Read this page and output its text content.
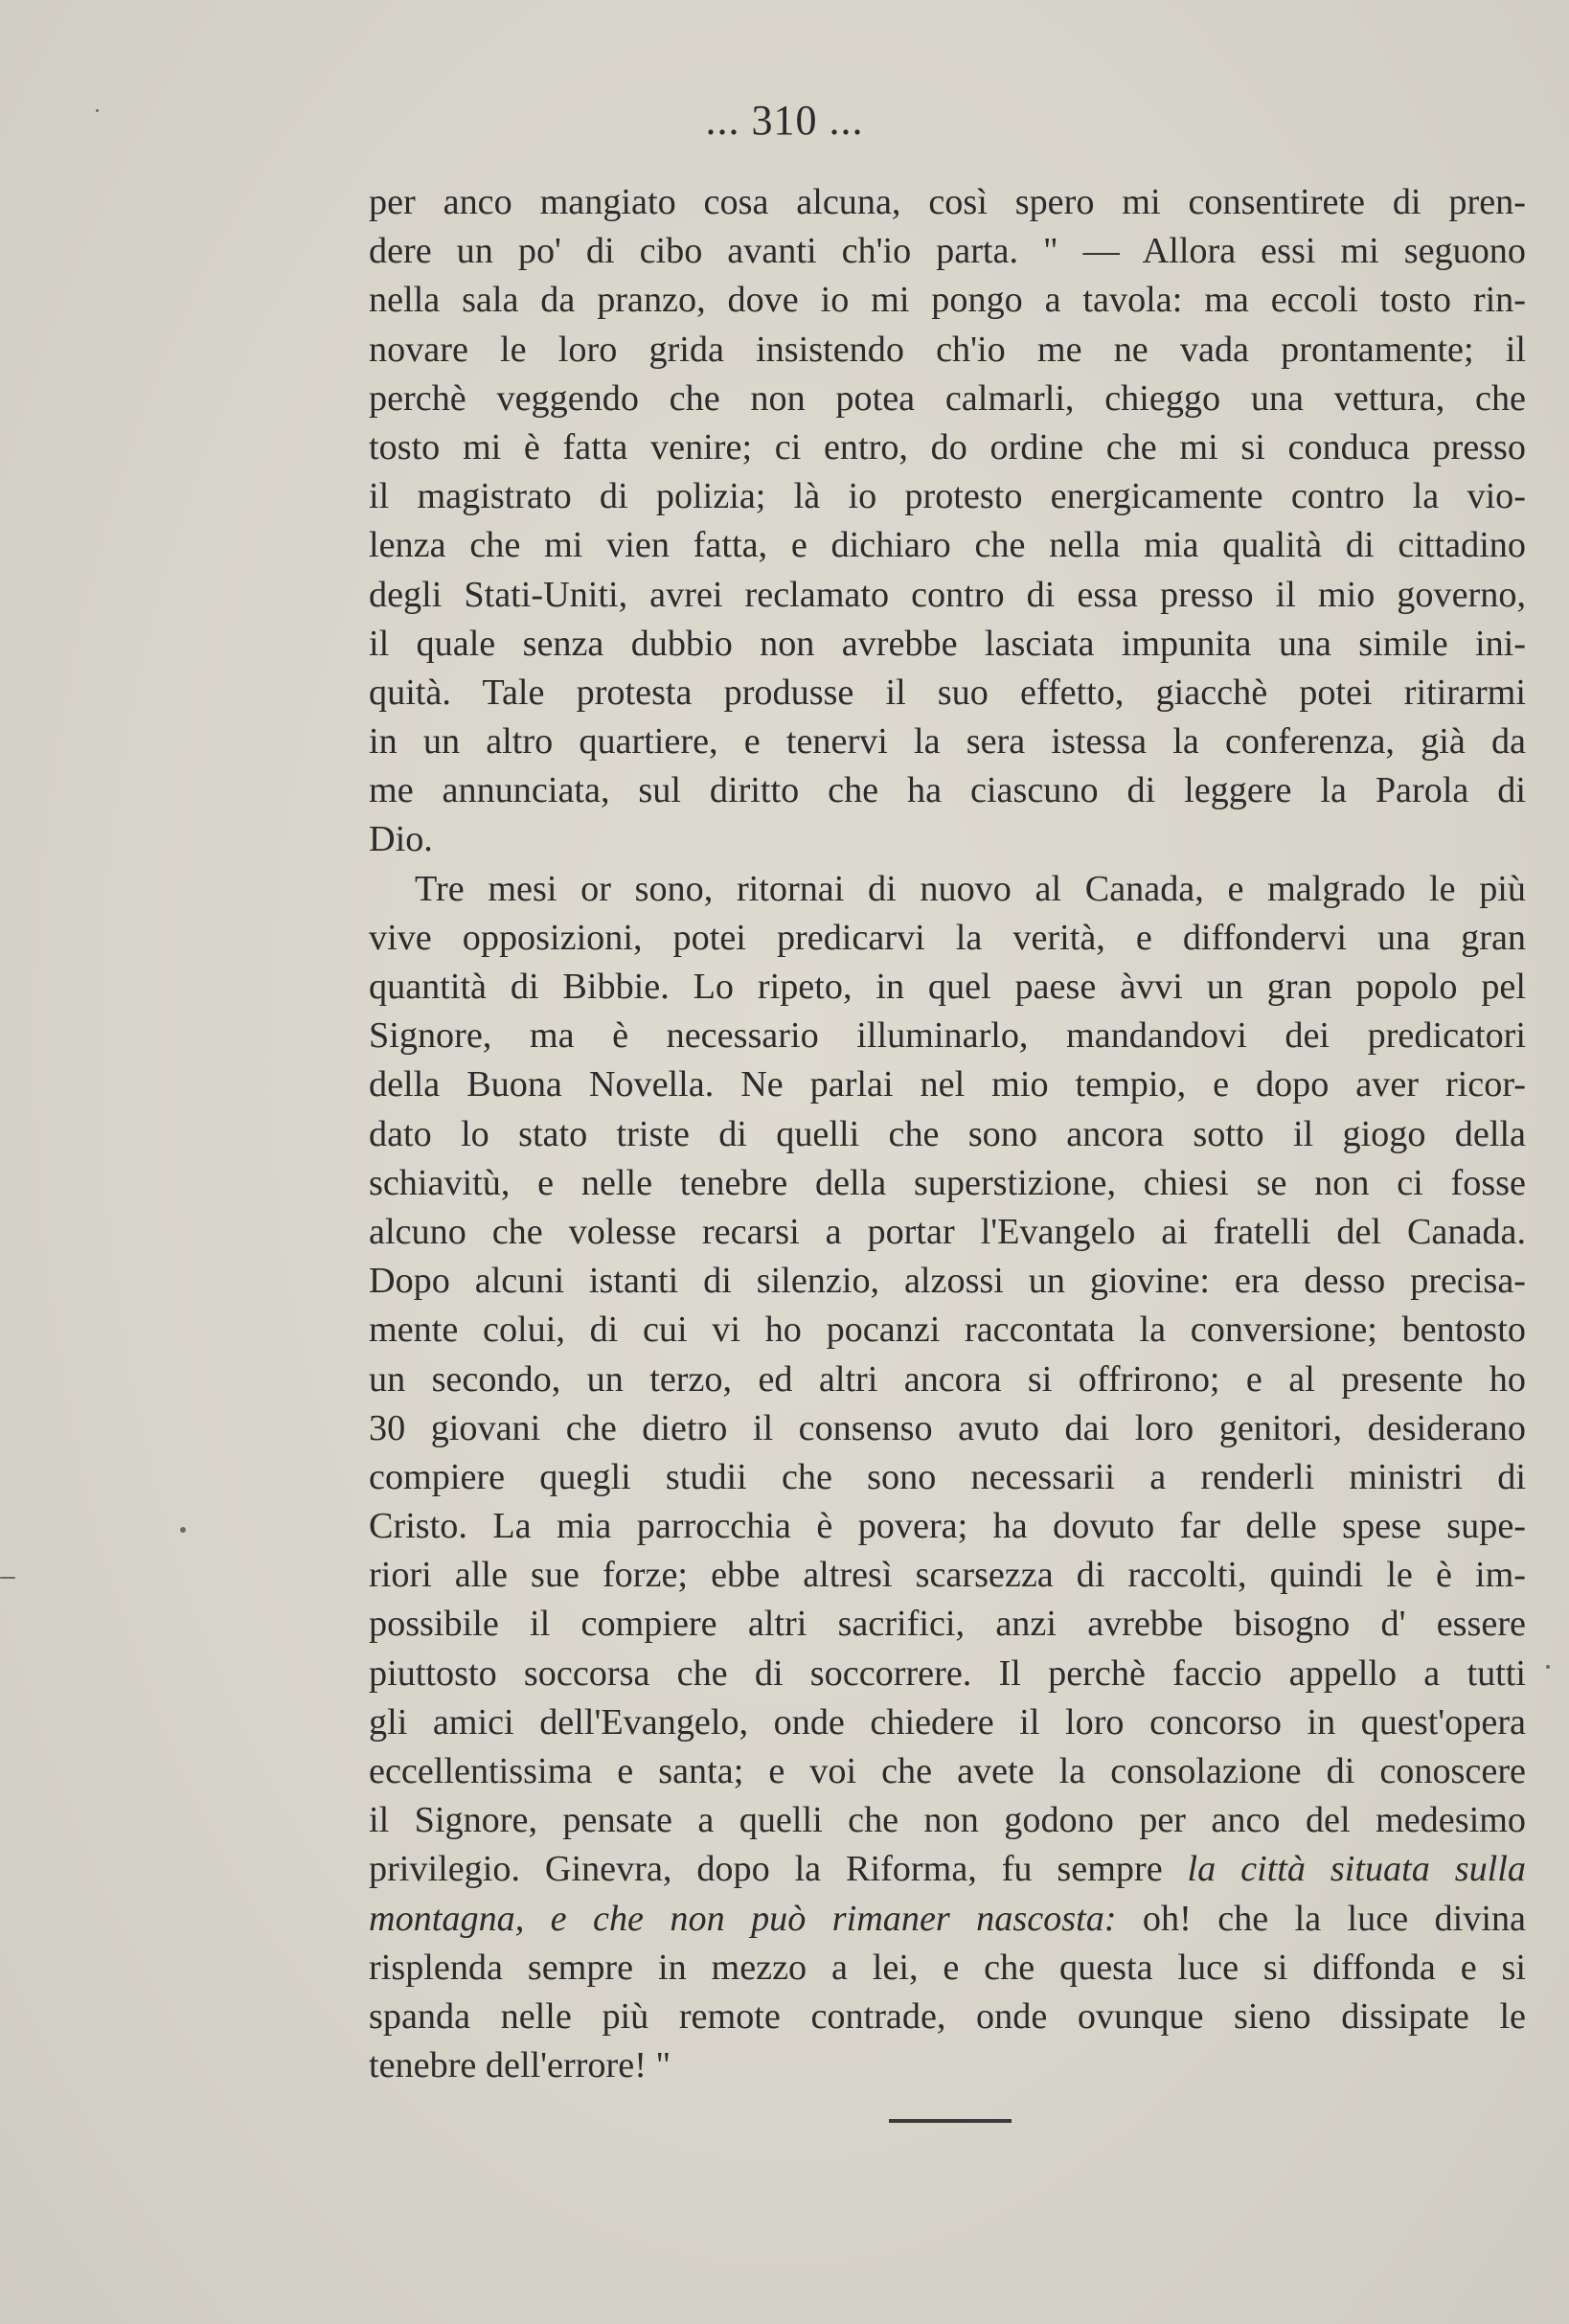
... 310 ...
per anco mangiato cosa alcuna, così spero mi consentirete di pren-
dere un po' di cibo avanti ch'io parta. " — Allora essi mi seguono
nella sala da pranzo, dove io mi pongo a tavola: ma eccoli tosto rin-
novare le loro grida insistendo ch'io me ne vada prontamente; il
perchè veggendo che non potea calmarli, chieggo una vettura, che
tosto mi è fatta venire; ci entro, do ordine che mi si conduca presso
il magistrato di polizia; là io protesto energicamente contro la vio-
lenza che mi vien fatta, e dichiaro che nella mia qualità di cittadino
degli Stati-Uniti, avrei reclamato contro di essa presso il mio governo,
il quale senza dubbio non avrebbe lasciata impunita una simile ini-
quità. Tale protesta produsse il suo effetto, giacchè potei ritirarmi
in un altro quartiere, e tenervi la sera istessa la conferenza, già da
me annunciata, sul diritto che ha ciascuno di leggere la Parola di
Dio.
Tre mesi or sono, ritornai di nuovo al Canada, e malgrado le più
vive opposizioni, potei predicarvi la verità, e diffondervi una gran
quantità di Bibbie. Lo ripeto, in quel paese àvvi un gran popolo pel
Signore, ma è necessario illuminarlo, mandandovi dei predicatori
della Buona Novella. Ne parlai nel mio tempio, e dopo aver ricor-
dato lo stato triste di quelli che sono ancora sotto il giogo della
schiavitù, e nelle tenebre della superstizione, chiesi se non ci fosse
alcuno che volesse recarsi a portar l'Evangelo ai fratelli del Canada.
Dopo alcuni istanti di silenzio, alzossi un giovine: era desso precisa-
mente colui, di cui vi ho pocanzi raccontata la conversione; bentosto
un secondo, un terzo, ed altri ancora si offrirono; e al presente ho
30 giovani che dietro il consenso avuto dai loro genitori, desiderano
compiere quegli studii che sono necessarii a renderli ministri di
Cristo. La mia parrocchia è povera; ha dovuto far delle spese supe-
riori alle sue forze; ebbe altresì scarsezza di raccolti, quindi le è im-
possibile il compiere altri sacrifici, anzi avrebbe bisogno d' essere
piuttosto soccorsa che di soccorrere. Il perchè faccio appello a tutti
gli amici dell'Evangelo, onde chiedere il loro concorso in quest'opera
eccellentissima e santa; e voi che avete la consolazione di conoscere
il Signore, pensate a quelli che non godono per anco del medesimo
privilegio. Ginevra, dopo la Riforma, fu sempre la città situata sulla
montagna, e che non può rimaner nascosta: oh! che la luce divina
risplenda sempre in mezzo a lei, e che questa luce si diffonda e si
spanda nelle più remote contrade, onde ovunque sieno dissipate le
tenebre dell'errore! "
